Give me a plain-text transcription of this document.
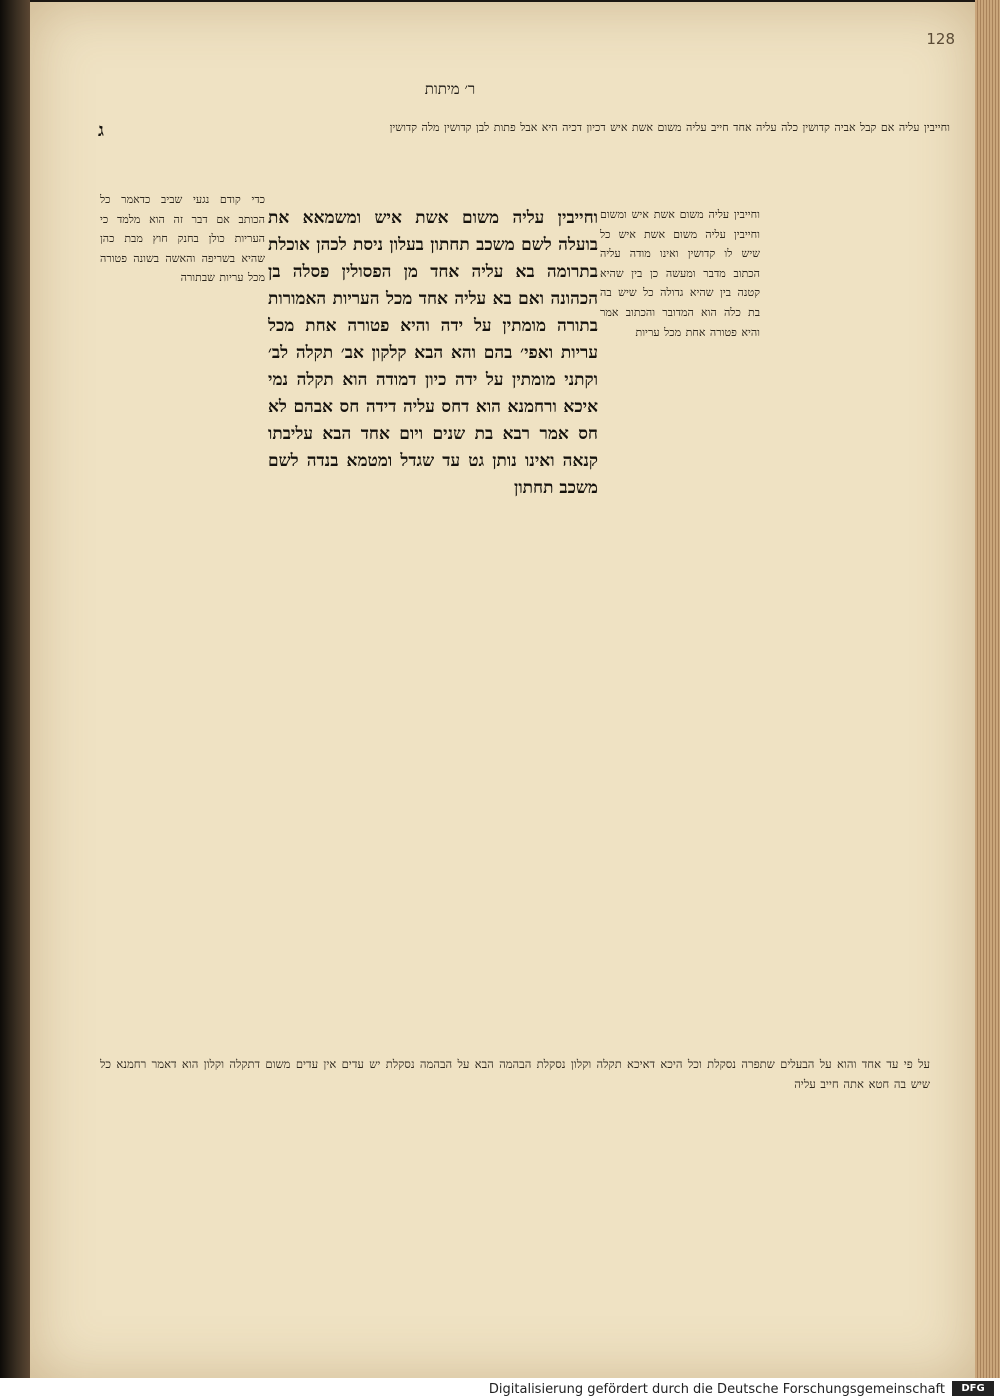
128
ר׳ מיתות
ג	וחייבין עליה אם קבל אביה קדושין כלה עליה אחד חייב עליה משום אשת איש דכיון דכיה היא אבל פתות לבן קדושין מלה קדושין
וחייבין עליה משום אשת איש ומשום וחייבין עליה משום אשת איש כל שיש לו קדושין ואינו מודה עליה הכתוב מדבר ומעשה כן בין שהיא קטנה בין שהיא גדולה כל שיש בה בת כלה הוא המדובר והכתוב אמר והיא פטורה אחת מכל עריות
כדי קודם נגעי שביב כדאמר כל הכותב אם דבר זה הוא מלמד כי העריות כולן בחנק חוץ מבת כהן שהיא בשריפה והאשה בשונה פטורה מכל עריות שבתורה
וחייבין עליה משום אשת איש ומשמאא את בועלה לשם משכב תחתון בעלון ניסת לכהן אוכלת בתרומה בא עליה אחד מן הפסולין פסלה בן הכהונה ואם בא עליה אחד מכל העריות האמורות בתורה מומתין על ידה והיא פטורה אחת מכל עריות ואפי׳ בהם והא הבא קלקון אב׳ תקלה לב׳ וקתני מומתין על ידה כיון דמודה הוא תקלה נמי איכא ורחמנא הוא דחס עליה דידה חס אבהם לא חס אמר רבא בת שנים ויום אחד הבא עליבתו קנאה ואינו נותן גט עד שגדל ומטמא בנדה לשם משכב תחתון
על פי עד אחד והוא על הבעלים שתפרה נסקלת וכל היכא דאיכא תקלה וקלון נסקלת הבהמה הבא על הבהמה נסקלת יש עדים אין עדים משום דתקלה וקלון הוא דאמר רחמנא כל שיש בה חטא אתה חייב עליה
Digitalisierung gefördert durch die Deutsche Forschungsgemeinschaft	DFG
